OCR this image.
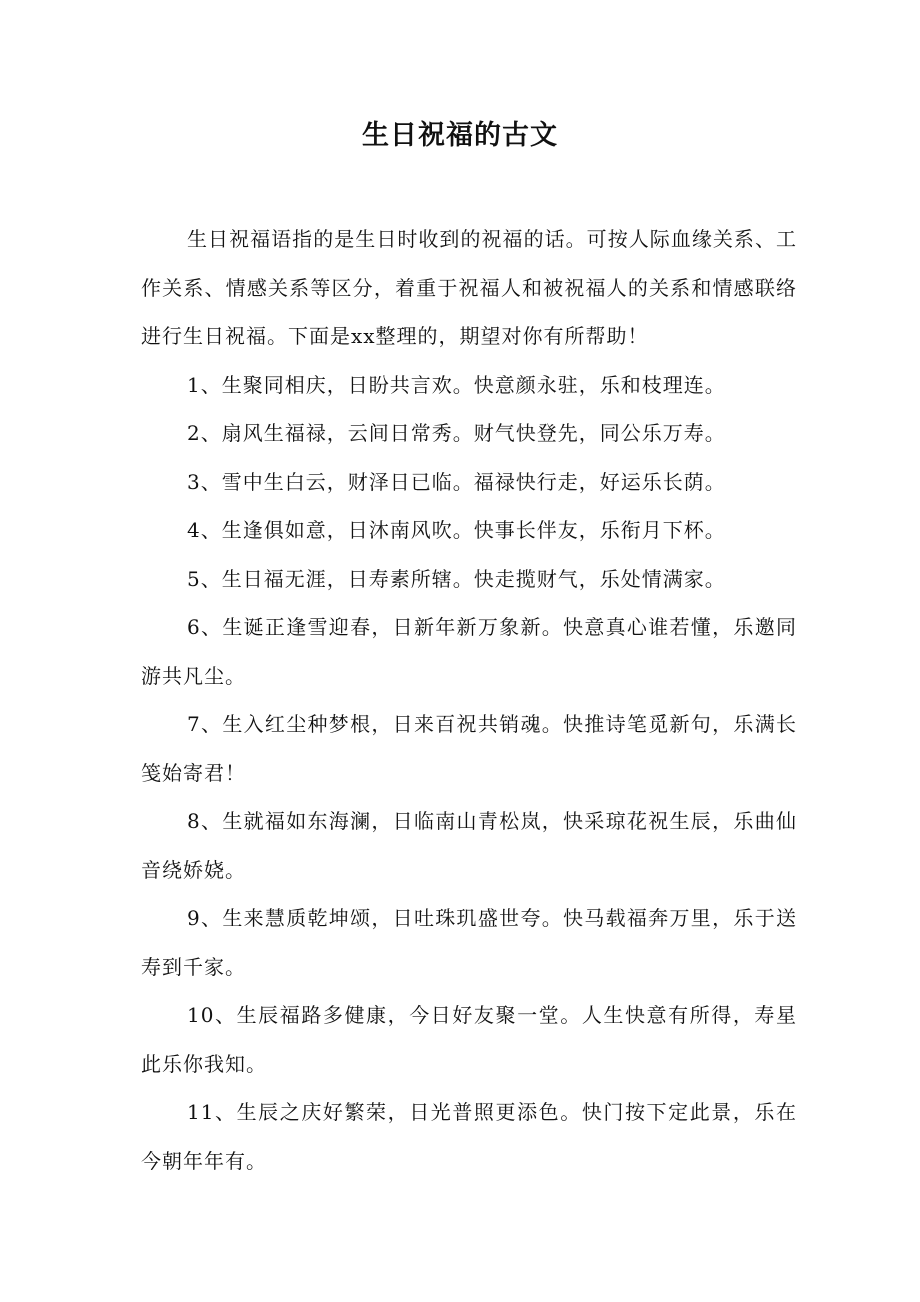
生日祝福的古文

生日祝福语指的是生日时收到的祝福的话。可按人际血缘关系、工作关系、情感关系等区分，着重于祝福人和被祝福人的关系和情感联络进行生日祝福。下面是xx整理的，期望对你有所帮助！

1、生聚同相庆，日盼共言欢。快意颜永驻，乐和枝理连。

2、扇风生福禄，云间日常秀。财气快登先，同公乐万寿。

3、雪中生白云，财泽日已临。福禄快行走，好运乐长荫。

4、生逢俱如意，日沐南风吹。快事长伴友，乐衔月下杯。

5、生日福无涯，日寿素所辖。快走揽财气，乐处情满家。

6、生诞正逢雪迎春，日新年新万象新。快意真心谁若懂，乐邀同游共凡尘。

7、生入红尘种梦根，日来百祝共销魂。快推诗笔觅新句，乐满长笺始寄君！

8、生就福如东海澜，日临南山青松岚，快采琼花祝生辰，乐曲仙音绕娇娆。

9、生来慧质乾坤颂，日吐珠玑盛世夸。快马载福奔万里，乐于送寿到千家。

10、生辰福路多健康，今日好友聚一堂。人生快意有所得，寿星此乐你我知。

11、生辰之庆好繁荣，日光普照更添色。快门按下定此景，乐在今朝年年有。
